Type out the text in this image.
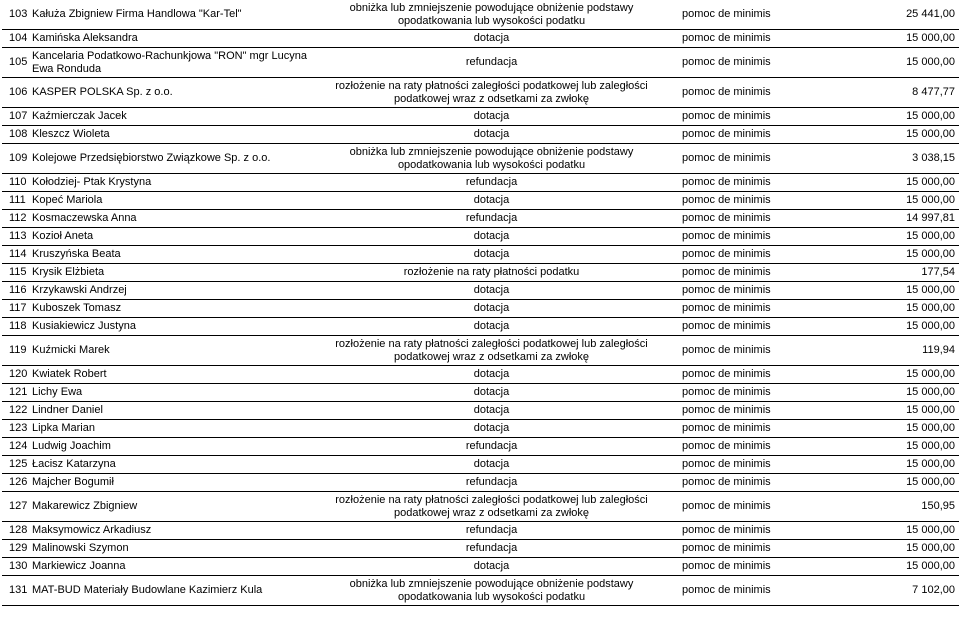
103	Kałuża Zbigniew Firma Handlowa "Kar-Tel"	obniżka lub zmniejszenie powodujące obniżenie podstawy opodatkowania lub wysokości podatku	pomoc de minimis	25 441,00
104	Kamińska Aleksandra	dotacja	pomoc de minimis	15 000,00
105	Kancelaria Podatkowo-Rachunkjowa "RON" mgr Lucyna Ewa Ronduda	refundacja	pomoc de minimis	15 000,00
106	KASPER POLSKA Sp. z o.o.	rozłożenie na raty płatności zaległości podatkowej lub zaległości podatkowej wraz z odsetkami za zwłokę	pomoc de minimis	8 477,77
107	Kaźmierczak Jacek	dotacja	pomoc de minimis	15 000,00
108	Kleszcz Wioleta	dotacja	pomoc de minimis	15 000,00
109	Kolejowe Przedsiębiorstwo Związkowe Sp. z o.o.	obniżka lub zmniejszenie powodujące obniżenie podstawy opodatkowania lub wysokości podatku	pomoc de minimis	3 038,15
110	Kołodziej- Ptak Krystyna	refundacja	pomoc de minimis	15 000,00
111	Kopeć Mariola	dotacja	pomoc de minimis	15 000,00
112	Kosmaczewska Anna	refundacja	pomoc de minimis	14 997,81
113	Kozioł Aneta	dotacja	pomoc de minimis	15 000,00
114	Kruszyńska Beata	dotacja	pomoc de minimis	15 000,00
115	Krysik Elżbieta	rozłożenie na raty płatności podatku	pomoc de minimis	177,54
116	Krzykawski Andrzej	dotacja	pomoc de minimis	15 000,00
117	Kuboszek Tomasz	dotacja	pomoc de minimis	15 000,00
118	Kusiakiewicz Justyna	dotacja	pomoc de minimis	15 000,00
119	Kuźmicki Marek	rozłożenie na raty płatności zaległości podatkowej lub zaległości podatkowej wraz z odsetkami za zwłokę	pomoc de minimis	119,94
120	Kwiatek Robert	dotacja	pomoc de minimis	15 000,00
121	Lichy Ewa	dotacja	pomoc de minimis	15 000,00
122	Lindner Daniel	dotacja	pomoc de minimis	15 000,00
123	Lipka Marian	dotacja	pomoc de minimis	15 000,00
124	Ludwig Joachim	refundacja	pomoc de minimis	15 000,00
125	Łacisz Katarzyna	dotacja	pomoc de minimis	15 000,00
126	Majcher Bogumił	refundacja	pomoc de minimis	15 000,00
127	Makarewicz Zbigniew	rozłożenie na raty płatności zaległości podatkowej lub zaległości podatkowej wraz z odsetkami za zwłokę	pomoc de minimis	150,95
128	Maksymowicz Arkadiusz	refundacja	pomoc de minimis	15 000,00
129	Malinowski Szymon	refundacja	pomoc de minimis	15 000,00
130	Markiewicz Joanna	dotacja	pomoc de minimis	15 000,00
131	MAT-BUD Materiały Budowlane Kazimierz Kula	obniżka lub zmniejszenie powodujące obniżenie podstawy opodatkowania lub wysokości podatku	pomoc de minimis	7 102,00
